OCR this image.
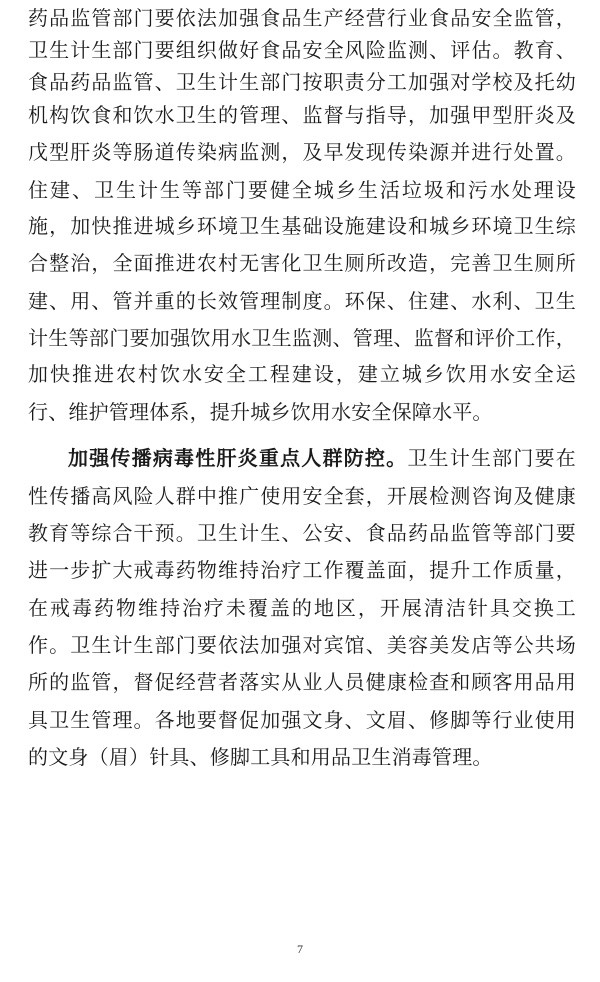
药品监管部门要依法加强食品生产经营行业食品安全监管，
卫生计生部门要组织做好食品安全风险监测、评估。教育、
食品药品监管、卫生计生部门按职责分工加强对学校及托幼
机构饮食和饮水卫生的管理、监督与指导，加强甲型肝炎及
戊型肝炎等肠道传染病监测，及早发现传染源并进行处置。
住建、卫生计生等部门要健全城乡生活垃圾和污水处理设
施，加快推进城乡环境卫生基础设施建设和城乡环境卫生综
合整治，全面推进农村无害化卫生厕所改造，完善卫生厕所
建、用、管并重的长效管理制度。环保、住建、水利、卫生
计生等部门要加强饮用水卫生监测、管理、监督和评价工作，
加快推进农村饮水安全工程建设，建立城乡饮用水安全运
行、维护管理体系，提升城乡饮用水安全保障水平。
加强传播病毒性肝炎重点人群防控。卫生计生部门要在
性传播高风险人群中推广使用安全套，开展检测咨询及健康
教育等综合干预。卫生计生、公安、食品药品监管等部门要
进一步扩大戒毒药物维持治疗工作覆盖面，提升工作质量，
在戒毒药物维持治疗未覆盖的地区，开展清洁针具交换工
作。卫生计生部门要依法加强对宾馆、美容美发店等公共场
所的监管，督促经营者落实从业人员健康检查和顾客用品用
具卫生管理。各地要督促加强文身、文眉、修脚等行业使用
的文身（眉）针具、修脚工具和用品卫生消毒管理。
7
